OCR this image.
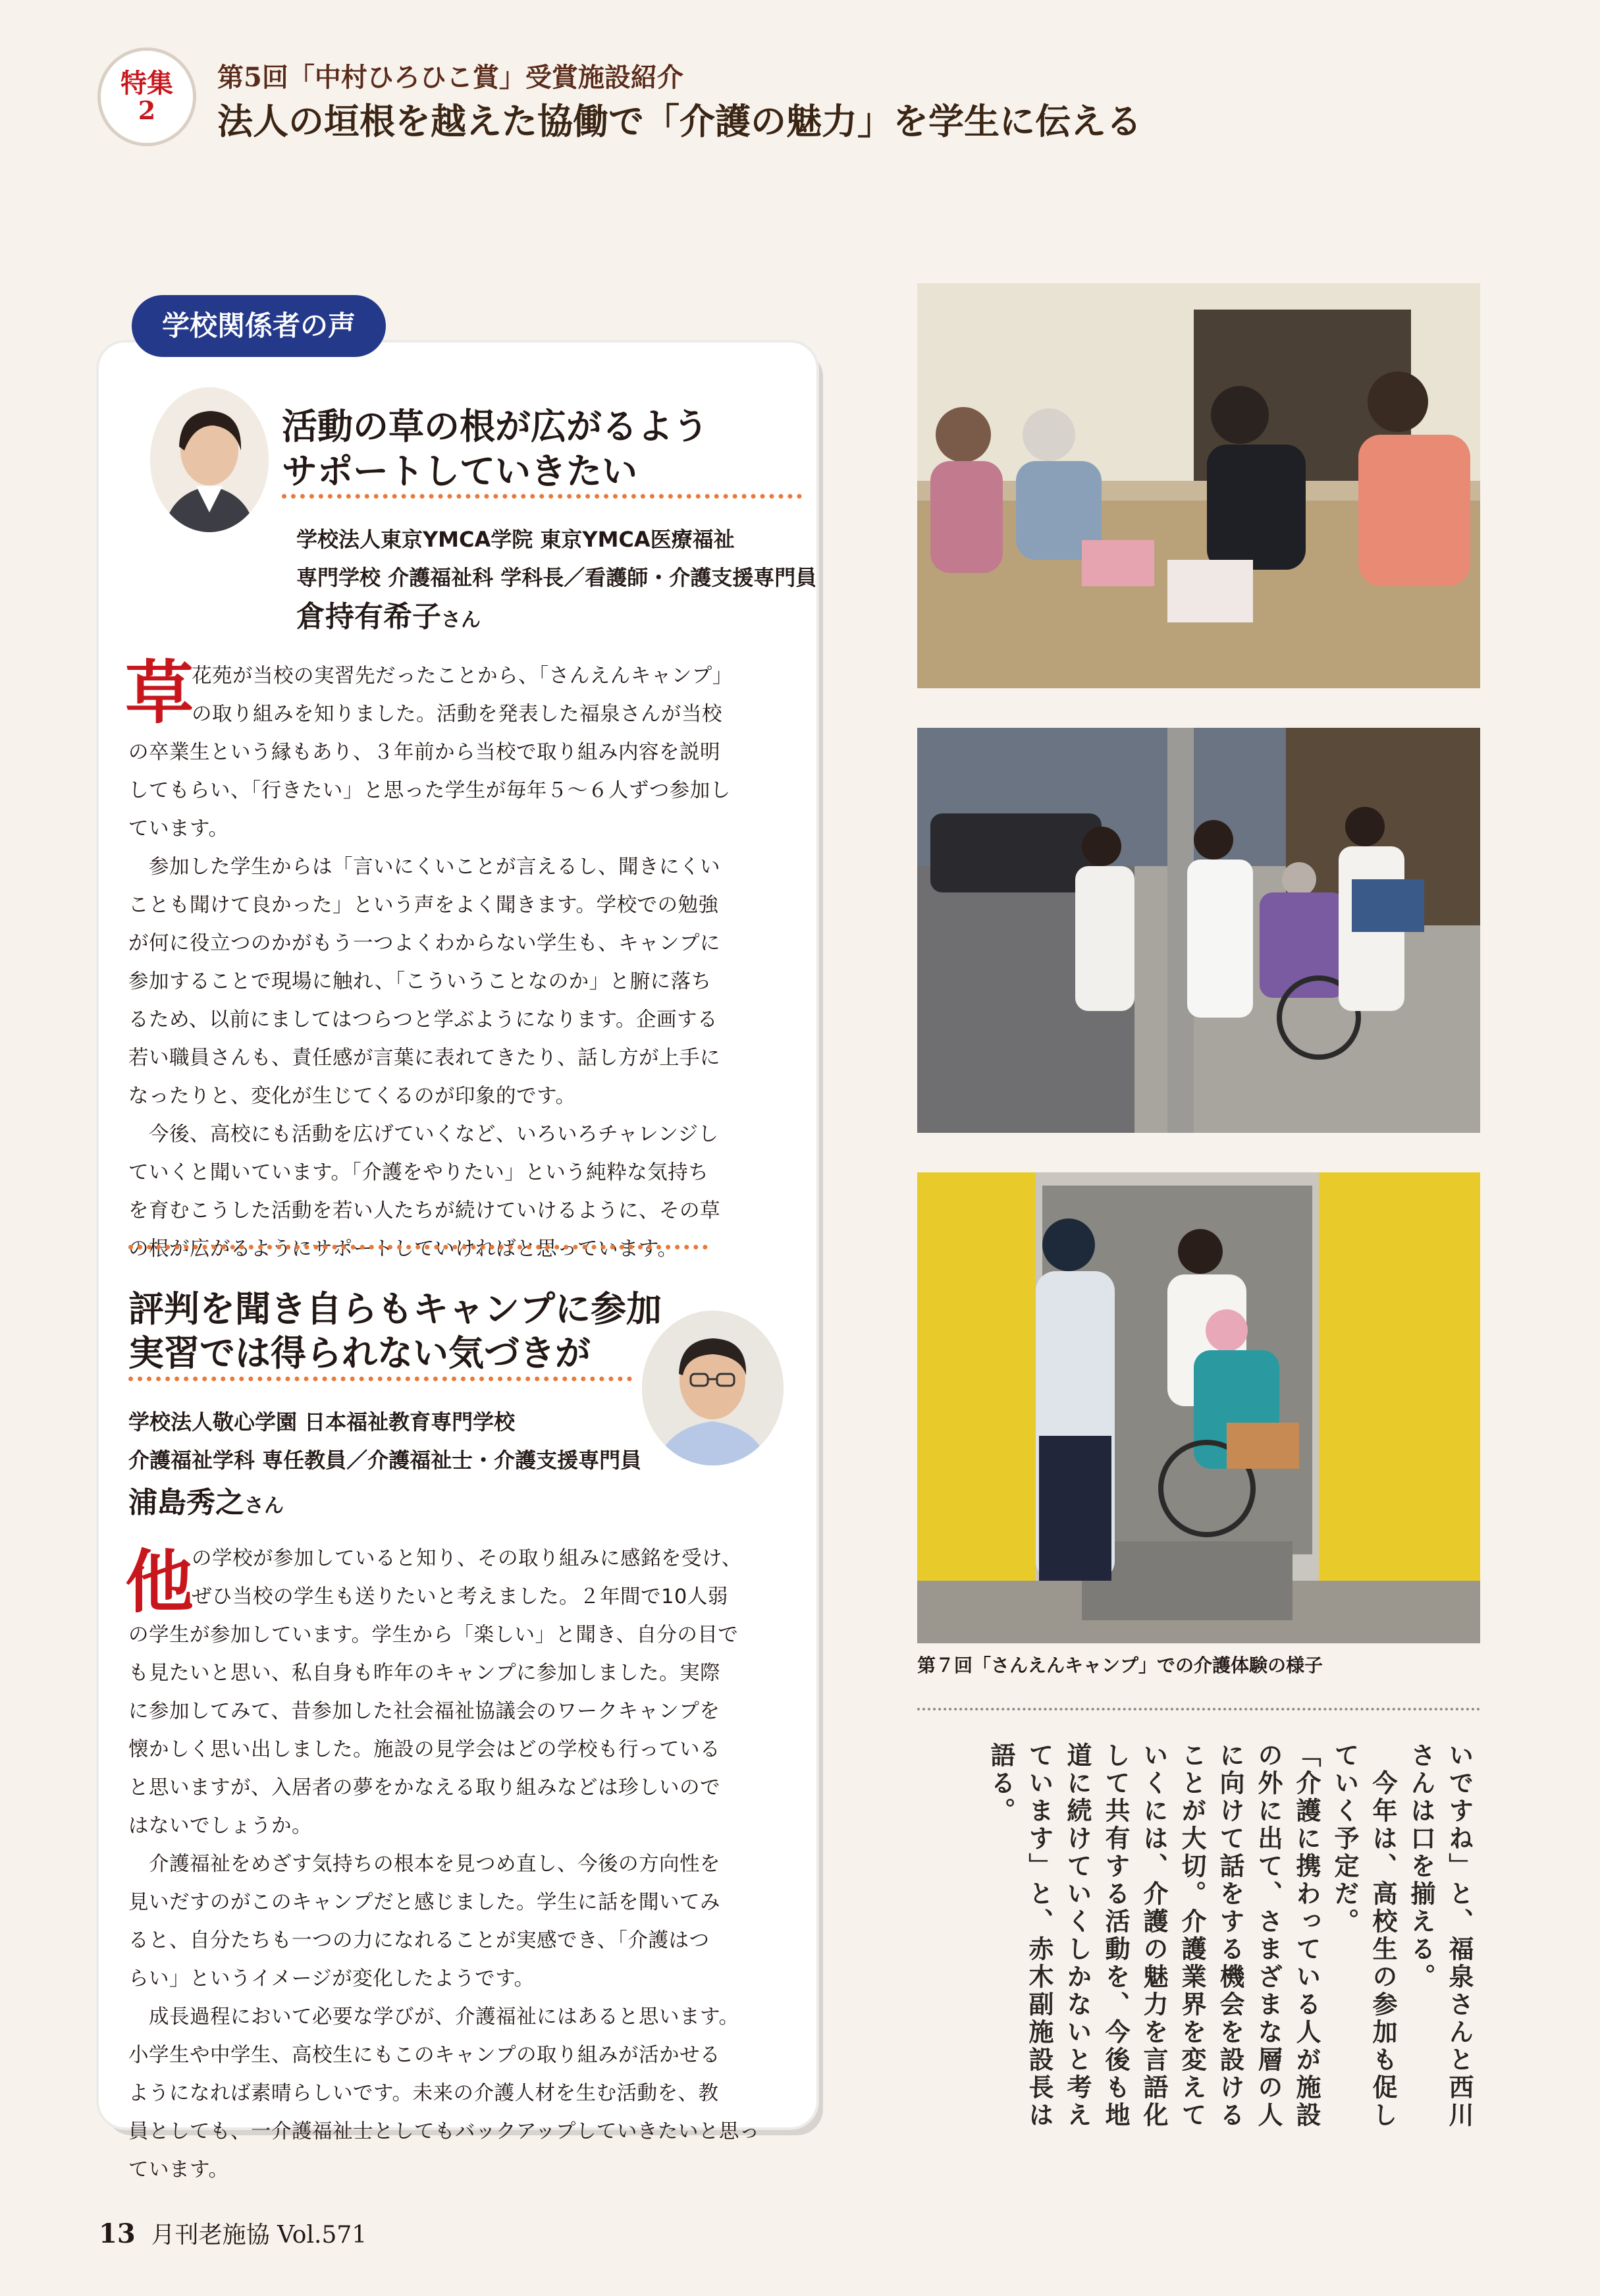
特集
2
第5回「中村ひろひこ賞」受賞施設紹介
法人の垣根を越えた協働で「介護の魅力」を学生に伝える
学校関係者の声
活動の草の根が広がるよう
サポートしていきたい
学校法人東京YMCA学院 東京YMCA医療福祉
専門学校 介護福祉科 学科長／看護師・介護支援専門員
倉持有希子さん
草
花苑が当校の実習先だったことから、「さんえんキャンプ」
の取り組みを知りました。活動を発表した福泉さんが当校
の卒業生という縁もあり、３年前から当校で取り組み内容を説明
してもらい、「行きたい」と思った学生が毎年５～６人ずつ参加し
ています。
　参加した学生からは「言いにくいことが言えるし、聞きにくい
ことも聞けて良かった」という声をよく聞きます。学校での勉強
が何に役立つのかがもう一つよくわからない学生も、キャンプに
参加することで現場に触れ、「こういうことなのか」と腑に落ち
るため、以前にましてはつらつと学ぶようになります。企画する
若い職員さんも、責任感が言葉に表れてきたり、話し方が上手に
なったりと、変化が生じてくるのが印象的です。
　今後、高校にも活動を広げていくなど、いろいろチャレンジし
ていくと聞いています。「介護をやりたい」という純粋な気持ち
を育むこうした活動を若い人たちが続けていけるように、その草
の根が広がるようにサポートしていければと思っています。
評判を聞き自らもキャンプに参加
実習では得られない気づきが
学校法人敬心学園 日本福祉教育専門学校
介護福祉学科 専任教員／介護福祉士・介護支援専門員
浦島秀之さん
他
の学校が参加していると知り、その取り組みに感銘を受け、
ぜひ当校の学生も送りたいと考えました。２年間で10人弱
の学生が参加しています。学生から「楽しい」と聞き、自分の目で
も見たいと思い、私自身も昨年のキャンプに参加しました。実際
に参加してみて、昔参加した社会福祉協議会のワークキャンプを
懐かしく思い出しました。施設の見学会はどの学校も行っている
と思いますが、入居者の夢をかなえる取り組みなどは珍しいので
はないでしょうか。
　介護福祉をめざす気持ちの根本を見つめ直し、今後の方向性を
見いだすのがこのキャンプだと感じました。学生に話を聞いてみ
ると、自分たちも一つの力になれることが実感でき、「介護はつ
らい」というイメージが変化したようです。
　成長過程において必要な学びが、介護福祉にはあると思います。
小学生や中学生、高校生にもこのキャンプの取り組みが活かせる
ようになれば素晴らしいです。未来の介護人材を生む活動を、教
員としても、一介護福祉士としてもバックアップしていきたいと思っ
ています。
第７回「さんえんキャンプ」での介護体験の様子

いですね」と、福泉さんと西川さんは口を揃える。

　今年は、高校生の参加も促していく予定だ。

「介護に携わっている人が施設の外に出て、さまざまな層の人に向けて話をする機会を設けることが大切。介護業界を変えていくには、介護の魅力を言語化して共有する活動を、今後も地道に続けていくしかないと考えています」と、赤木副施設長は語る。

13 月刊老施協 Vol.571
